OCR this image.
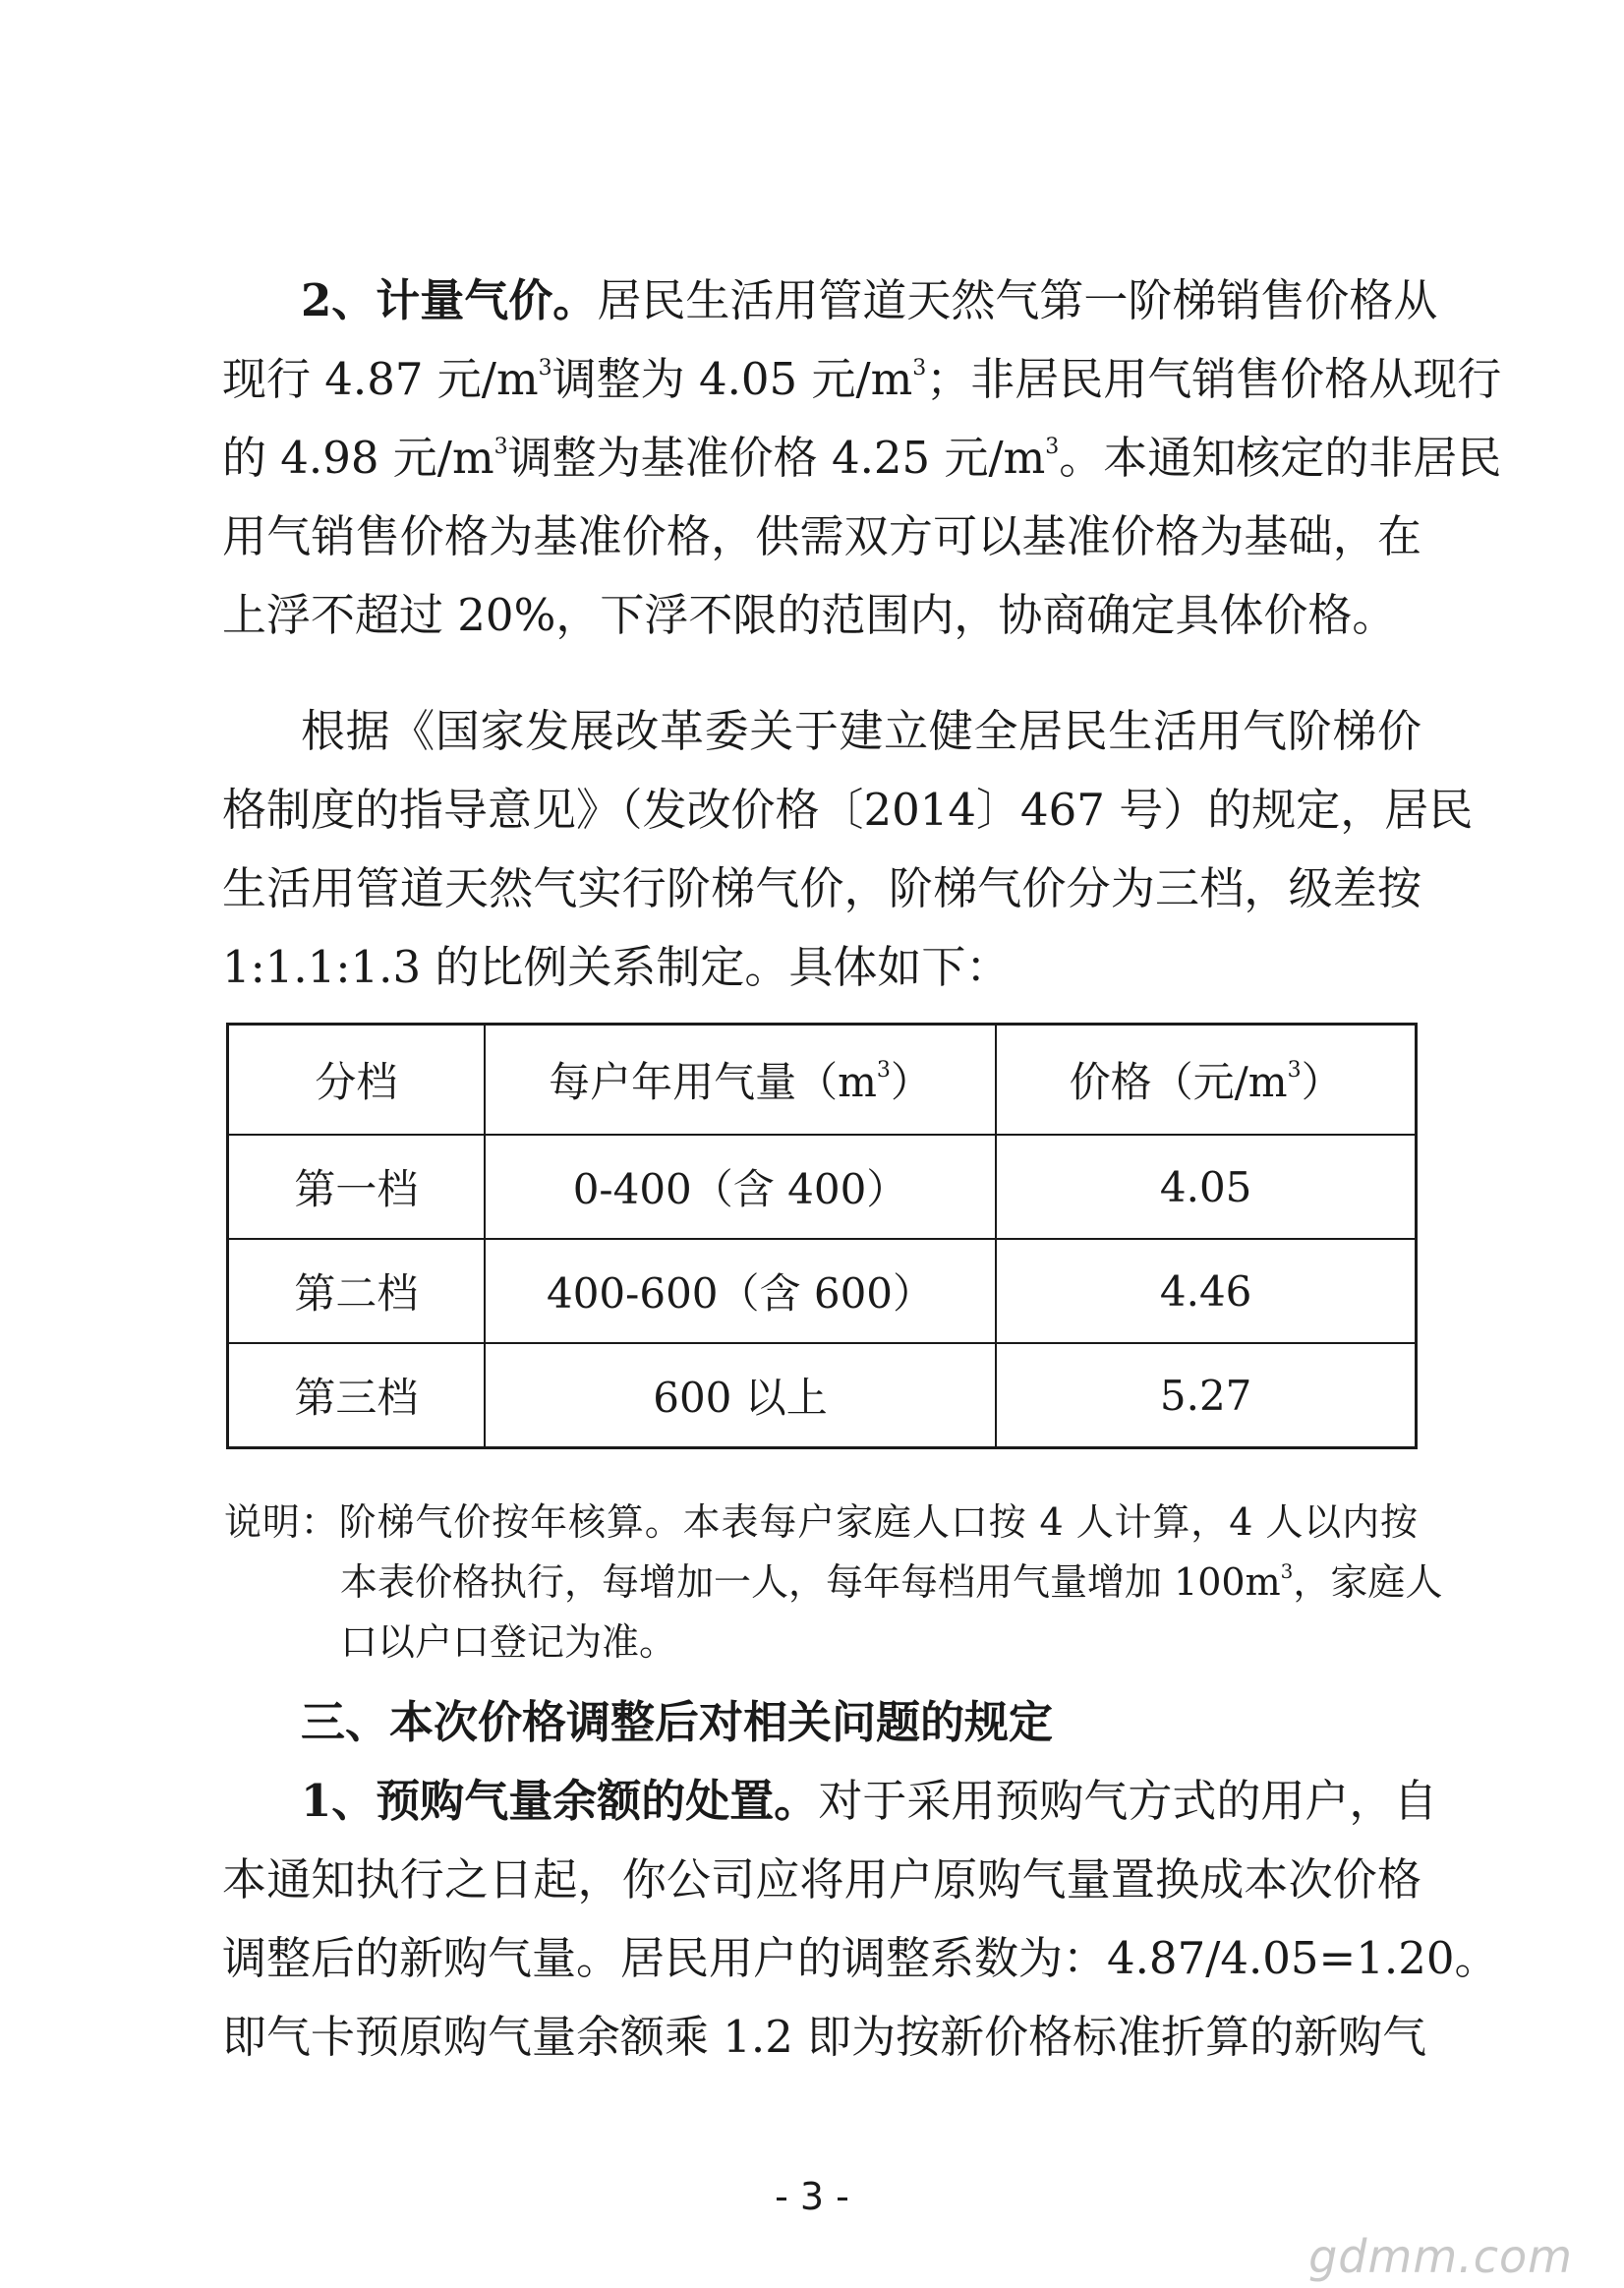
2、计量气价。居民生活用管道天然气第一阶梯销售价格从
现行 4.87 元$/m^3$调整为 4.05 元$/m^3$；非居民用气销售价格从现行
的 4.98 元$/m^3$调整为基准价格 4.25 元$/m^3$。本通知核定的非居民
用气销售价格为基准价格，供需双方可以基准价格为基础，在
上浮不超过 20%，下浮不限的范围内，协商确定具体价格。
根据《国家发展改革委关于建立健全居民生活用气阶梯价
格制度的指导意见》（发改价格〔2014〕467 号）的规定，居民
生活用管道天然气实行阶梯气价，阶梯气价分为三档，级差按
1:1.1:1.3 的比例关系制定。具体如下：
分档	每户年用气量$(m^3)$	价格（元$/m^3$）
第一档	0-400（含 400）	4.05
第二档	400-600（含 600）	4.46
第三档	600 以上	5.27
说明：阶梯气价按年核算。本表每户家庭人口按 4 人计算，4 人以内按
本表价格执行，每增加一人，每年每档用气量增加 $100m^3$，家庭人
口以户口登记为准。
三、本次价格调整后对相关问题的规定
1、预购气量余额的处置。对于采用预购气方式的用户，自
本通知执行之日起，你公司应将用户原购气量置换成本次价格
调整后的新购气量。居民用户的调整系数为：4.87/4.05=1.20。
即气卡预原购气量余额乘 1.2 即为按新价格标准折算的新购气
- 3 -
gdmm.com
